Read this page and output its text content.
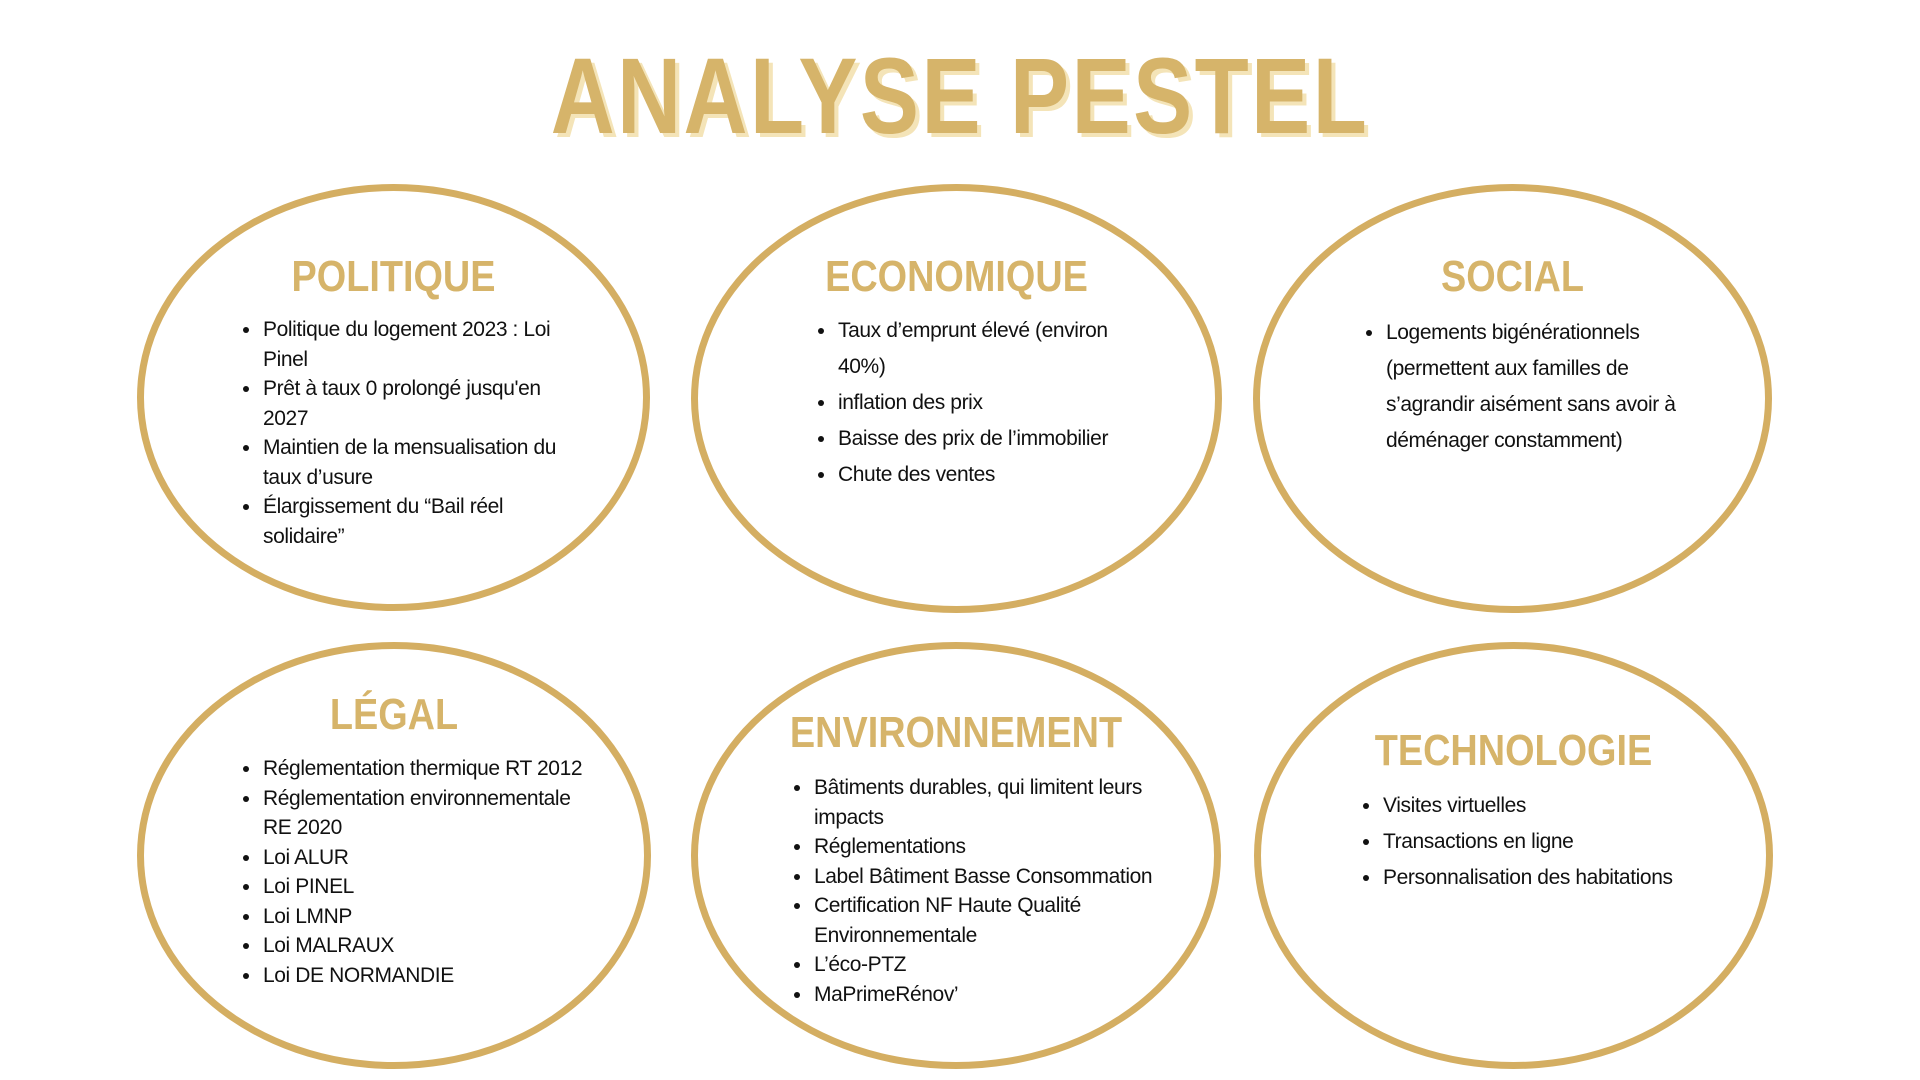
ANALYSE PESTEL
POLITIQUE
Politique du logement 2023 : Loi Pinel
Prêt à taux 0 prolongé jusqu'en 2027
Maintien de la mensualisation du taux d’usure
Élargissement du “Bail réel solidaire”
ECONOMIQUE
Taux d’emprunt élevé (environ 40%)
inflation des prix
Baisse des prix de l’immobilier
Chute des ventes
SOCIAL
Logements bigénérationnels (permettent aux familles de s’agrandir aisément sans avoir à déménager constamment)
LÉGAL
Réglementation thermique RT 2012
Réglementation environnementale RE 2020
Loi ALUR
Loi PINEL
Loi LMNP
Loi MALRAUX
Loi DE NORMANDIE
ENVIRONNEMENT
Bâtiments durables, qui limitent leurs impacts
Réglementations
Label Bâtiment Basse Consommation
Certification NF Haute Qualité Environnementale
L’éco-PTZ
MaPrimeRénov’
TECHNOLOGIE
Visites virtuelles
Transactions en ligne
Personnalisation des habitations
